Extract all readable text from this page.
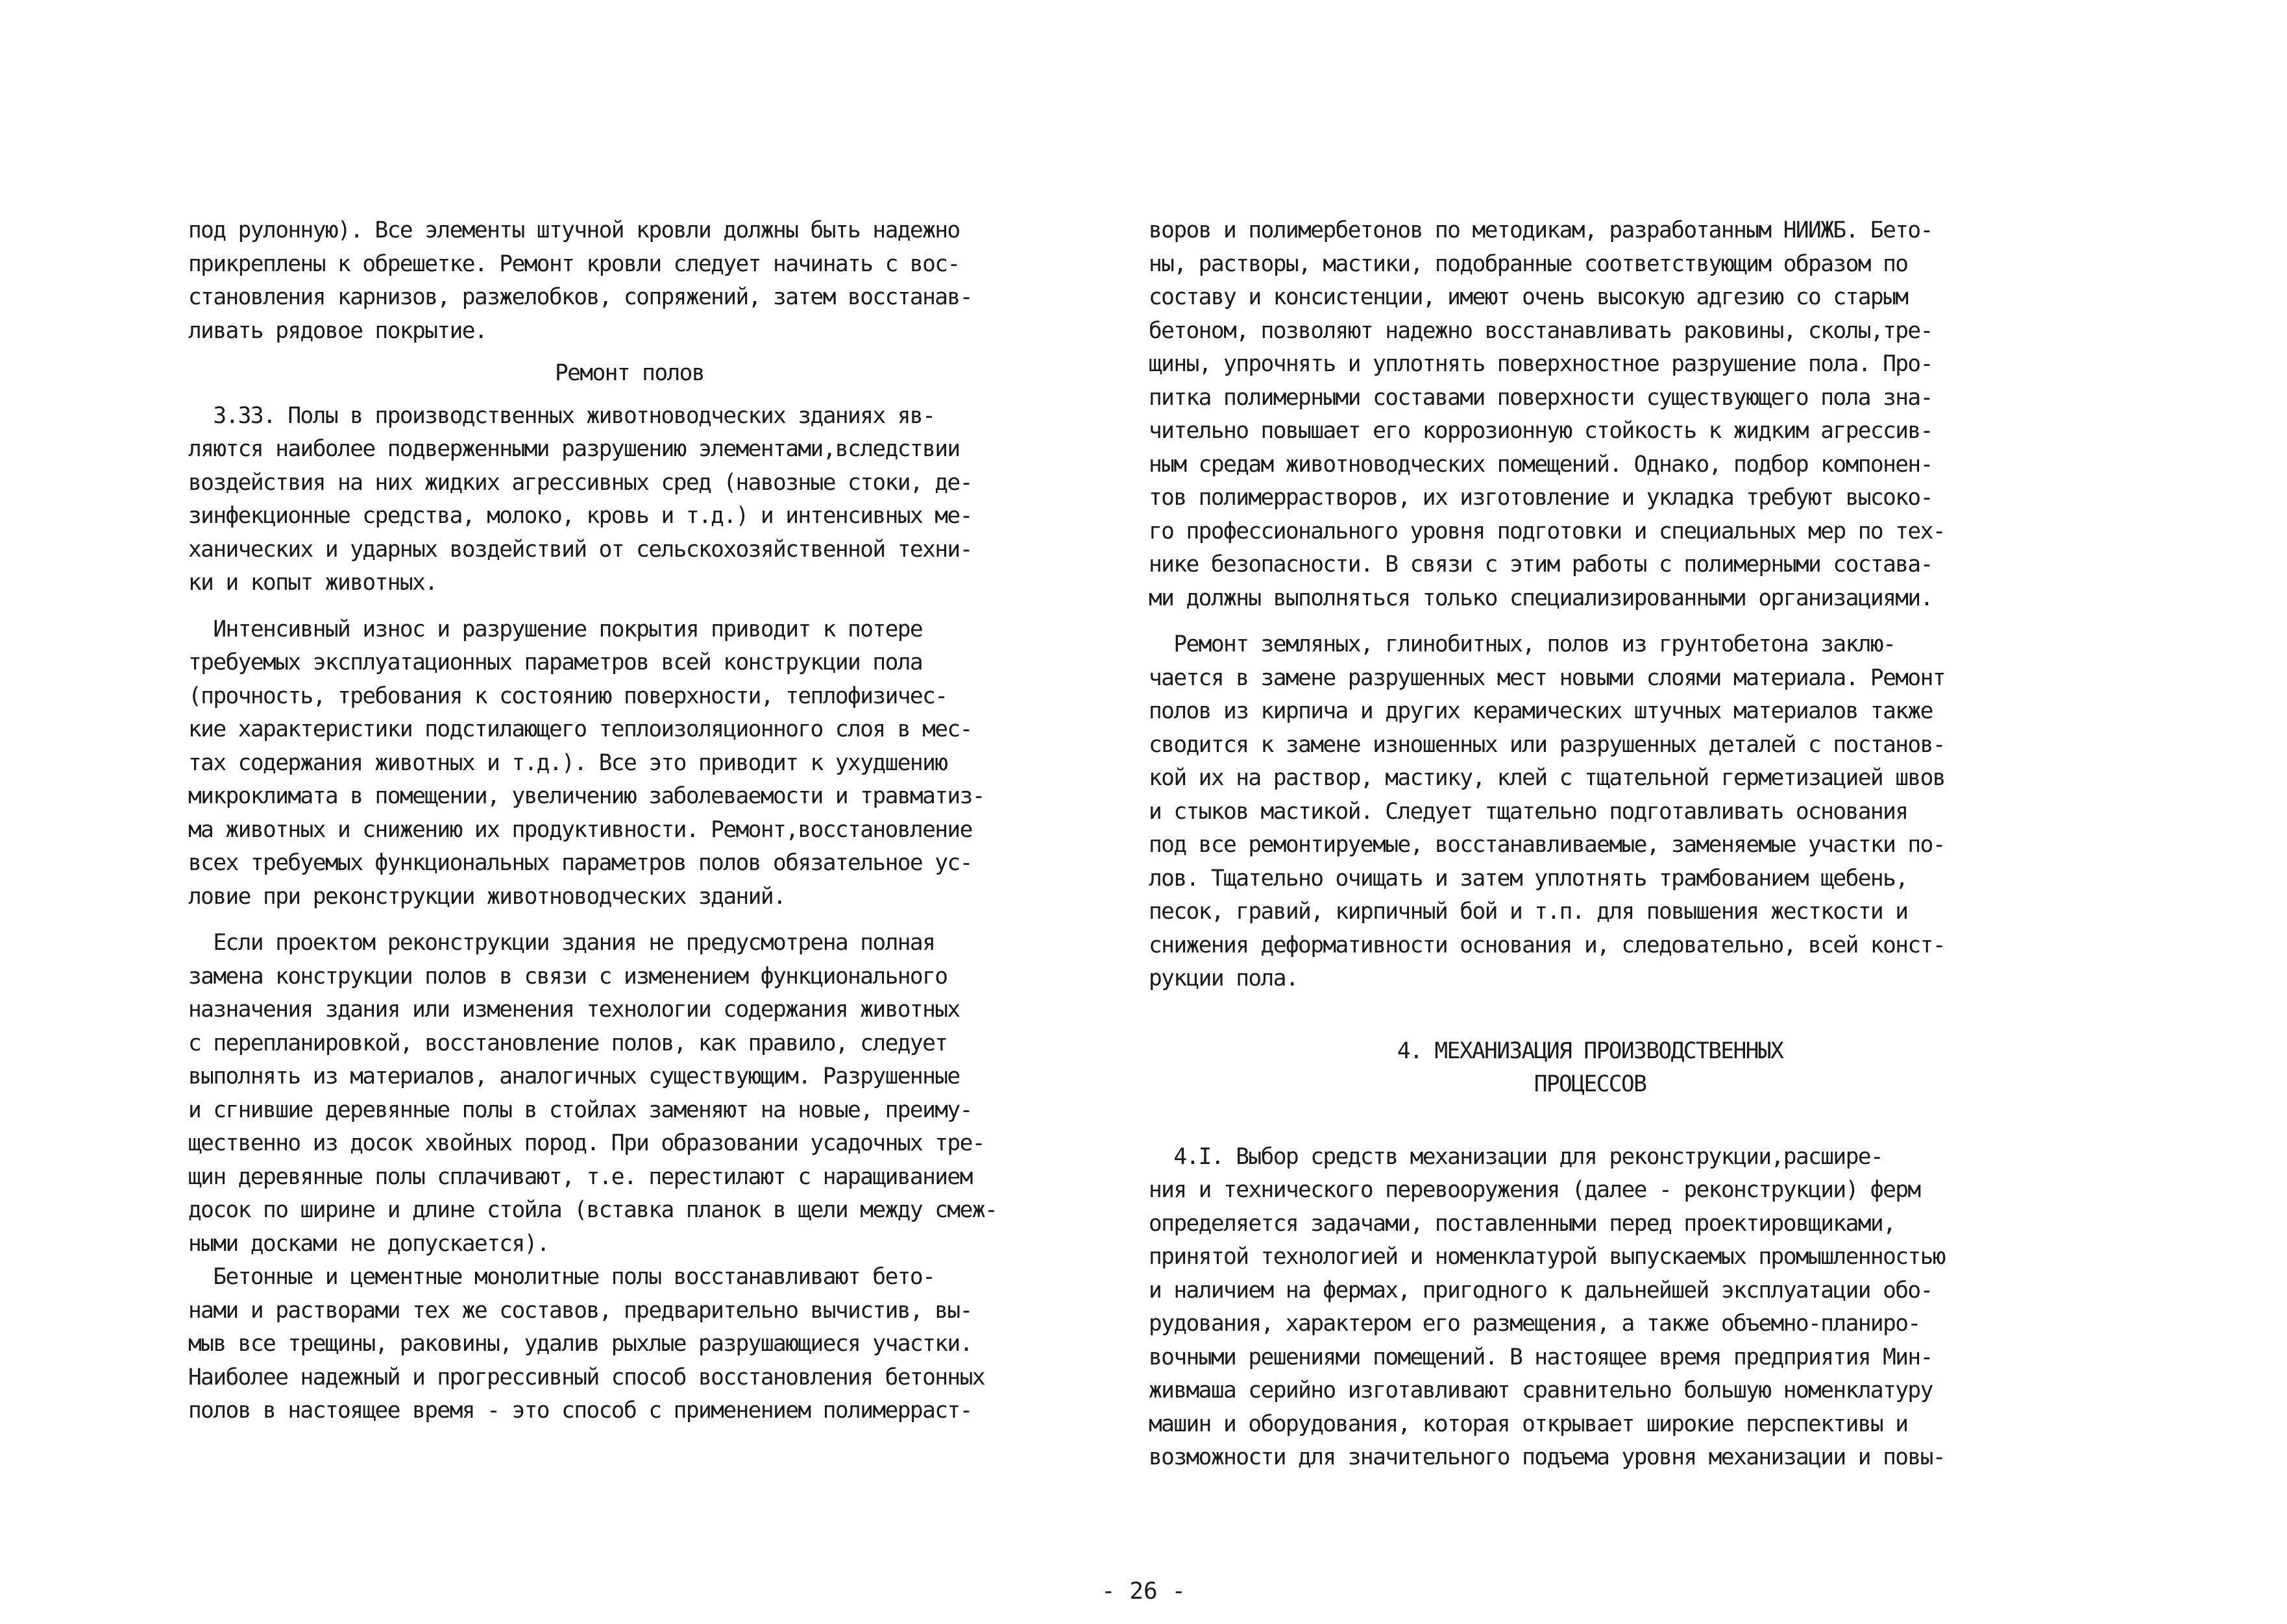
под рулонную). Все элементы штучной кровли должны быть надежно
прикреплены к обрешетке. Ремонт кровли следует начинать с вос-
становления карнизов, разжелобков, сопряжений, затем восстанав-
ливать рядовое покрытие.
Ремонт полов
3.33. Полы в производственных животноводческих зданиях яв-
ляются наиболее подверженными разрушению элементами,вследствии
воздействия на них жидких агрессивных сред (навозные стоки, де-
зинфекционные средства, молоко, кровь и т.д.) и интенсивных ме-
ханических и ударных воздействий от сельскохозяйственной техни-
ки и копыт животных.
Интенсивный износ и разрушение покрытия приводит к потере
требуемых эксплуатационных параметров всей конструкции пола
(прочность, требования к состоянию поверхности, теплофизичес-
кие характеристики подстилающего теплоизоляционного слоя в мес-
тах содержания животных и т.д.). Все это приводит к ухудшению
микроклимата в помещении, увеличению заболеваемости и травматиз-
ма животных и снижению их продуктивности. Ремонт,восстановление
всех требуемых функциональных параметров полов обязательное ус-
ловие при реконструкции животноводческих зданий.
Если проектом реконструкции здания не предусмотрена полная
замена конструкции полов в связи с изменением функционального
назначения здания или изменения технологии содержания животных
с перепланировкой, восстановление полов, как правило, следует
выполнять из материалов, аналогичных существующим. Разрушенные
и сгнившие деревянные полы в стойлах заменяют на новые, преиму-
щественно из досок хвойных пород. При образовании усадочных тре-
щин деревянные полы сплачивают, т.е. перестилают с наращиванием
досок по ширине и длине стойла (вставка планок в щели между смеж-
ными досками не допускается).
Бетонные и цементные монолитные полы восстанавливают бето-
нами и растворами тех же составов, предварительно вычистив, вы-
мыв все трещины, раковины, удалив рыхлые разрушающиеся участки.
Наиболее надежный и прогрессивный способ восстановления бетонных
полов в настоящее время - это способ с применением полимерраст-
воров и полимербетонов по методикам, разработанным НИИЖБ. Бето-
ны, растворы, мастики, подобранные соответствующим образом по
составу и консистенции, имеют очень высокую адгезию со старым
бетоном, позволяют надежно восстанавливать раковины, сколы,тре-
щины, упрочнять и уплотнять поверхностное разрушение пола. Про-
питка полимерными составами поверхности существующего пола зна-
чительно повышает его коррозионную стойкость к жидким агрессив-
ным средам животноводческих помещений. Однако, подбор компонен-
тов полимеррастворов, их изготовление и укладка требуют высоко-
го профессионального уровня подготовки и специальных мер по тех-
нике безопасности. В связи с этим работы с полимерными состава-
ми должны выполняться только специализированными организациями.
Ремонт земляных, глинобитных, полов из грунтобетона заклю-
чается в замене разрушенных мест новыми слоями материала. Ремонт
полов из кирпича и других керамических штучных материалов также
сводится к замене изношенных или разрушенных деталей с постанов-
кой их на раствор, мастику, клей с тщательной герметизацией швов
и стыков мастикой. Следует тщательно подготавливать основания
под все ремонтируемые, восстанавливаемые, заменяемые участки по-
лов. Тщательно очищать и затем уплотнять трамбованием щебень,
песок, гравий, кирпичный бой и т.п. для повышения жесткости и
снижения деформативности основания и, следовательно, всей конст-
рукции пола.
4. МЕХАНИЗАЦИЯ ПРОИЗВОДСТВЕННЫХ
ПРОЦЕССОВ
4.I. Выбор средств механизации для реконструкции,расшире-
ния и технического перевооружения (далее - реконструкции) ферм
определяется задачами, поставленными перед проектировщиками,
принятой технологией и номенклатурой выпускаемых промышленностью
и наличием на фермах, пригодного к дальнейшей эксплуатации обо-
рудования, характером его размещения, а также объемно-планиро-
вочными решениями помещений. В настоящее время предприятия Мин-
живмаша серийно изготавливают сравнительно большую номенклатуру
машин и оборудования, которая открывает широкие перспективы и
возможности для значительного подъема уровня механизации и повы-
- 26 -
